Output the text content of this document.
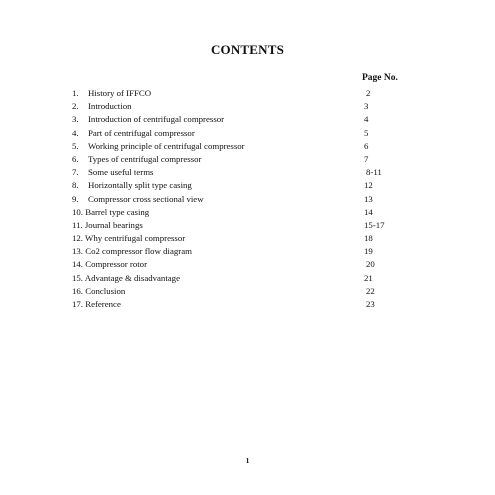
CONTENTS
Page No.
1.	History of IFFCO	2
2.	Introduction	3
3.	Introduction of centrifugal compressor	4
4.	Part of centrifugal compressor	5
5.	Working principle of centrifugal compressor	6
6.	Types of centrifugal compressor	7
7.	Some useful terms	8-11
8.	Horizontally split type casing	12
9.	Compressor cross sectional view	13
10. Barrel type casing	14
11. Journal bearings	15-17
12. Why centrifugal compressor	18
13. Co2 compressor flow diagram	19
14. Compressor rotor	20
15. Advantage & disadvantage	21
16. Conclusion	22
17. Reference	23
1
